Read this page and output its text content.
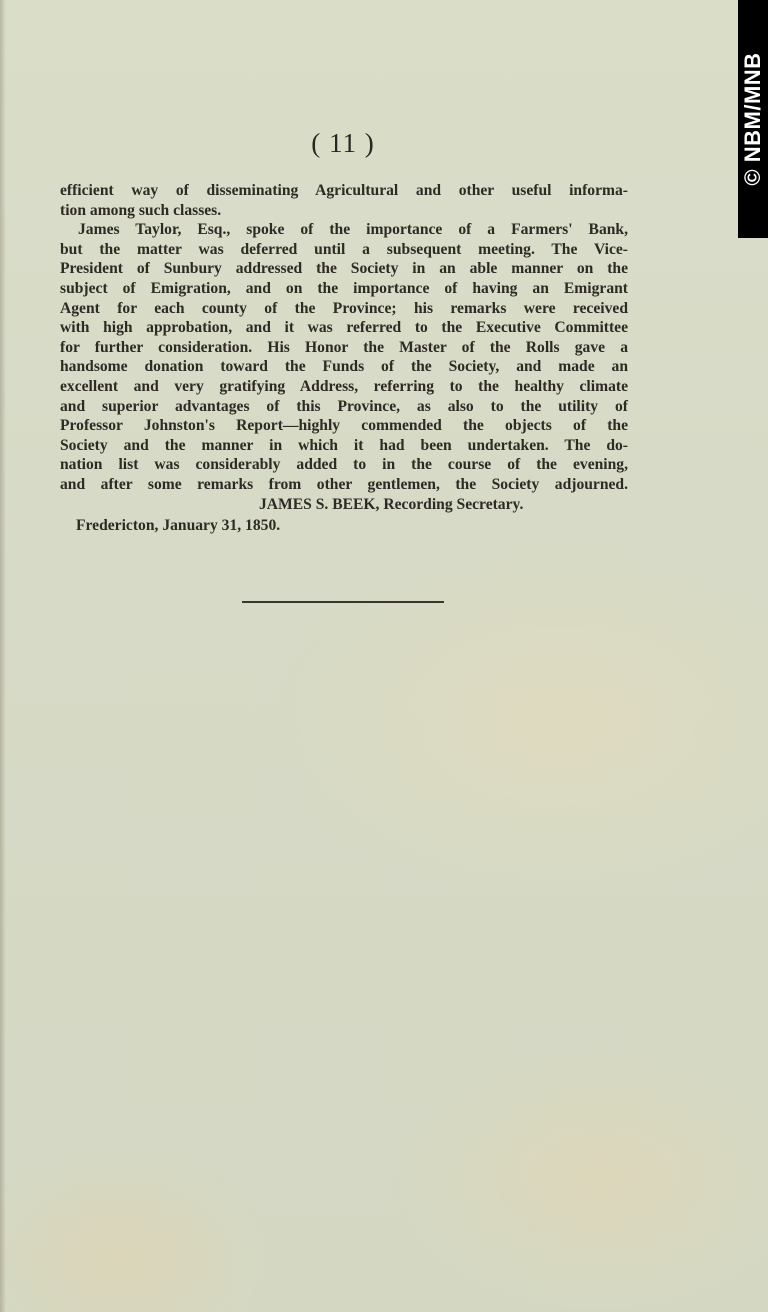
( 11 )
efficient way of disseminating Agricultural and other useful informa-
tion among such classes.
James Taylor, Esq., spoke of the importance of a Farmers' Bank,
but the matter was deferred until a subsequent meeting. The Vice-
President of Sunbury addressed the Society in an able manner on the
subject of Emigration, and on the importance of having an Emigrant
Agent for each county of the Province; his remarks were received
with high approbation, and it was referred to the Executive Committee
for further consideration. His Honor the Master of the Rolls gave a
handsome donation toward the Funds of the Society, and made an
excellent and very gratifying Address, referring to the healthy climate
and superior advantages of this Province, as also to the utility of
Professor Johnston's Report—highly commended the objects of the
Society and the manner in which it had been undertaken. The do-
nation list was considerably added to in the course of the evening,
and after some remarks from other gentlemen, the Society adjourned.
JAMES S. BEEK, Recording Secretary.
Fredericton, January 31, 1850.
© NBM/MNB
